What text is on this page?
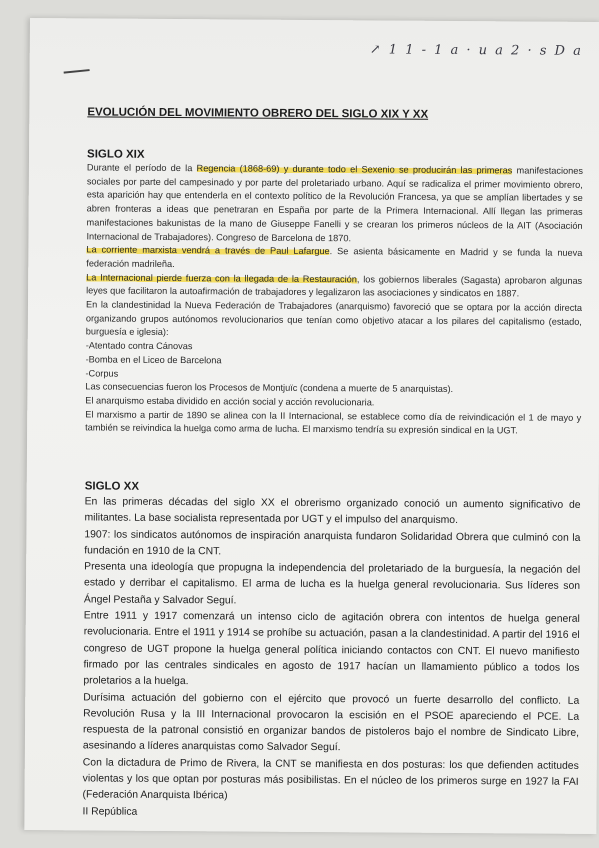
↗ 1 1 - 1 a · u a 2 · s D a
EVOLUCIÓN DEL MOVIMIENTO OBRERO DEL SIGLO XIX Y XX
SIGLO XIX

Durante el período de la Regencia (1868-69) y durante todo el Sexenio se producirán las primeras manifestaciones sociales por parte del campesinado y por parte del proletariado urbano. Aquí se radicaliza el primer movimiento obrero, esta aparición hay que entenderla en el contexto político de la Revolución Francesa, ya que se amplían libertades y se abren fronteras a ideas que penetraran en España por parte de la Primera Internacional. Allí llegan las primeras manifestaciones bakunistas de la mano de Giuseppe Fanelli y se crearan los primeros núcleos de la AIT (Asociación Internacional de Trabajadores). Congreso de Barcelona de 1870.

La corriente marxista vendrá a través de Paul Lafargue. Se asienta básicamente en Madrid y se funda la nueva federación madrileña.

La Internacional pierde fuerza con la llegada de la Restauración, los gobiernos liberales (Sagasta) aprobaron algunas leyes que facilitaron la autoafirmación de trabajadores y legalizaron las asociaciones y sindicatos en 1887.

En la clandestinidad la Nueva Federación de Trabajadores (anarquismo) favoreció que se optara por la acción directa organizando grupos autónomos revolucionarios que tenían como objetivo atacar a los pilares del capitalismo (estado, burguesía e iglesia):

-Atentado contra Cánovas

-Bomba en el Liceo de Barcelona

-Corpus

Las consecuencias fueron los Procesos de Montjuïc (condena a muerte de 5 anarquistas).

El anarquismo estaba dividido en acción social y acción revolucionaria.

El marxismo a partir de 1890 se alinea con la II Internacional, se establece como día de reivindicación el 1 de mayo y también se reivindica la huelga como arma de lucha. El marxismo tendría su expresión sindical en la UGT.

SIGLO XX

En las primeras décadas del siglo XX el obrerismo organizado conoció un aumento significativo de militantes. La base socialista representada por UGT y el impulso del anarquismo.

1907: los sindicatos autónomos de inspiración anarquista fundaron Solidaridad Obrera que culminó con la fundación en 1910 de la CNT.

Presenta una ideología que propugna la independencia del proletariado de la burguesía, la negación del estado y derribar el capitalismo. El arma de lucha es la huelga general revolucionaria. Sus líderes son Ángel Pestaña y Salvador Seguí.

Entre 1911 y 1917 comenzará un intenso ciclo de agitación obrera con intentos de huelga general revolucionaria. Entre el 1911 y 1914 se prohíbe su actuación, pasan a la clandestinidad. A partir del 1916 el congreso de UGT propone la huelga general política iniciando contactos con CNT. El nuevo manifiesto firmado por las centrales sindicales en agosto de 1917 hacían un llamamiento público a todos los proletarios a la huelga.

Durísima actuación del gobierno con el ejército que provocó un fuerte desarrollo del conflicto. La Revolución Rusa y la III Internacional provocaron la escisión en el PSOE apareciendo el PCE. La respuesta de la patronal consistió en organizar bandos de pistoleros bajo el nombre de Sindicato Libre, asesinando a líderes anarquistas como Salvador Seguí.

Con la dictadura de Primo de Rivera, la CNT se manifiesta en dos posturas: los que defienden actitudes violentas y los que optan por posturas más posibilistas. En el núcleo de los primeros surge en 1927 la FAI (Federación Anarquista Ibérica)

II República
